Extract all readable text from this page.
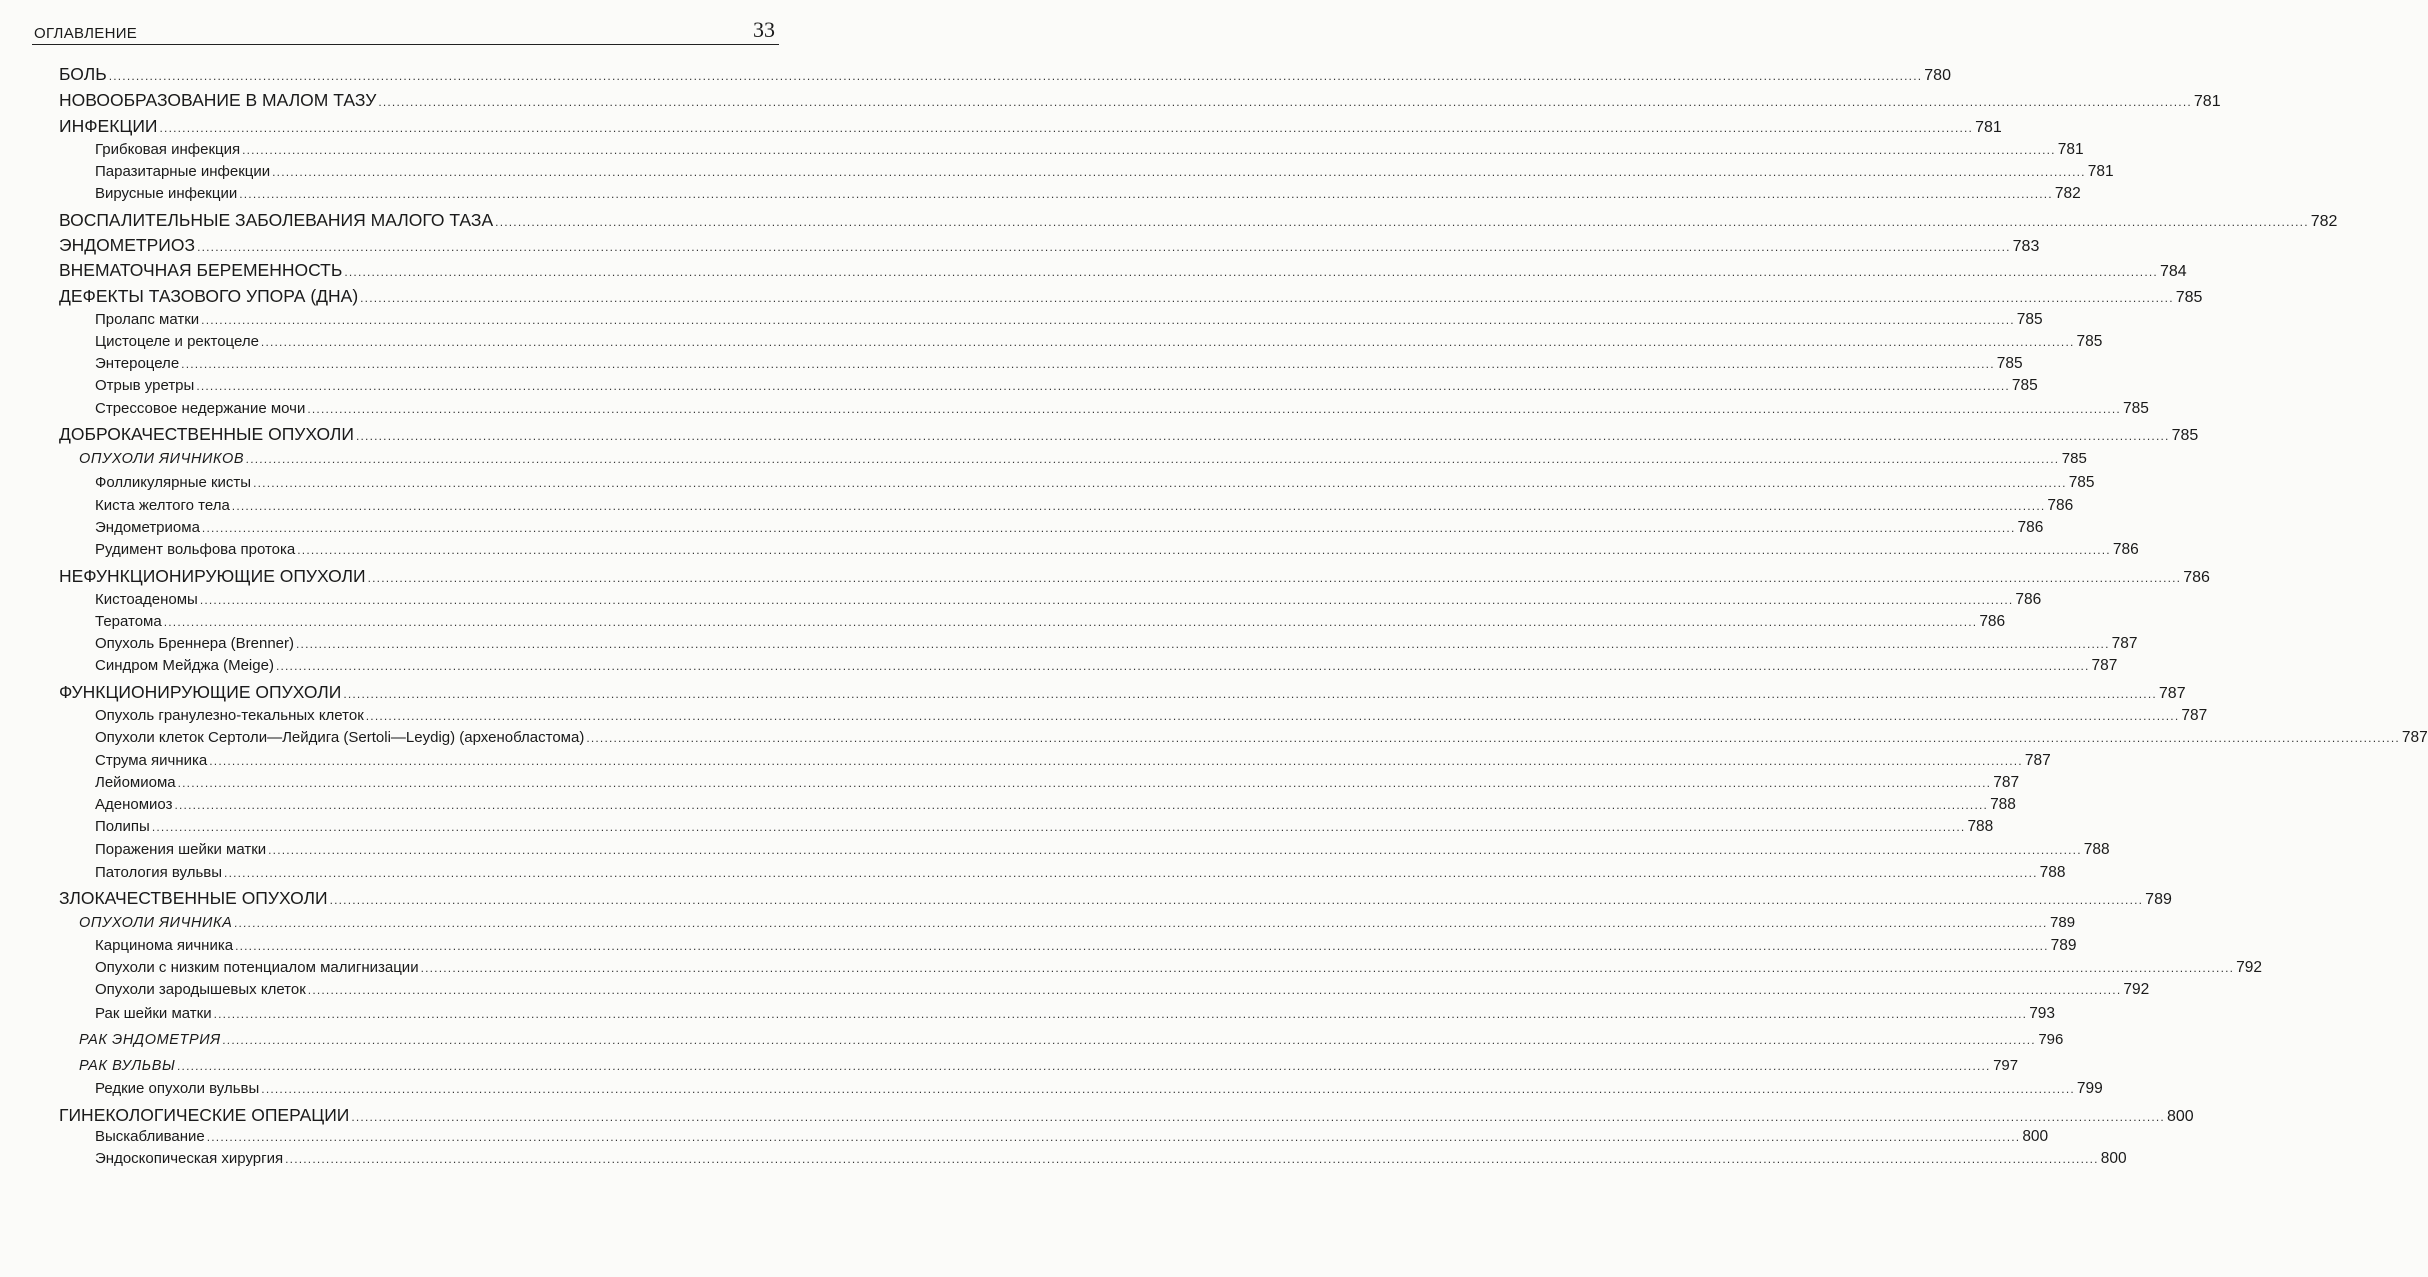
ОГЛАВЛЕНИЕ	33
БОЛЬ ................................................................................................................................................................................................................................................................................................................................................................................................................ 780
НОВООБРАЗОВАНИЕ В МАЛОМ ТАЗУ ................................................................................................................................................................................................................................................................................................................................................................................................................ 781
ИНФЕКЦИИ ................................................................................................................................................................................................................................................................................................................................................................................................................ 781
Грибковая инфекция ................................................................................................................................................................................................................................................................................................................................................................................................................ 781
Паразитарные инфекции ................................................................................................................................................................................................................................................................................................................................................................................................................ 781
Вирусные инфекции ................................................................................................................................................................................................................................................................................................................................................................................................................ 782
ВОСПАЛИТЕЛЬНЫЕ ЗАБОЛЕВАНИЯ МАЛОГО ТАЗА ................................................................................................................................................................................................................................................................................................................................................................................................................ 782
ЭНДОМЕТРИОЗ ................................................................................................................................................................................................................................................................................................................................................................................................................ 783
ВНЕМАТОЧНАЯ БЕРЕМЕННОСТЬ ................................................................................................................................................................................................................................................................................................................................................................................................................ 784
ДЕФЕКТЫ ТАЗОВОГО УПОРА (ДНА) ................................................................................................................................................................................................................................................................................................................................................................................................................ 785
Пролапс матки ................................................................................................................................................................................................................................................................................................................................................................................................................ 785
Цистоцеле и ректоцеле ................................................................................................................................................................................................................................................................................................................................................................................................................ 785
Энтероцеле ................................................................................................................................................................................................................................................................................................................................................................................................................ 785
Отрыв уретры ................................................................................................................................................................................................................................................................................................................................................................................................................ 785
Стрессовое недержание мочи ................................................................................................................................................................................................................................................................................................................................................................................................................ 785
ДОБРОКАЧЕСТВЕННЫЕ ОПУХОЛИ ................................................................................................................................................................................................................................................................................................................................................................................................................ 785
ОПУХОЛИ ЯИЧНИКОВ ................................................................................................................................................................................................................................................................................................................................................................................................................ 785
Фолликулярные кисты ................................................................................................................................................................................................................................................................................................................................................................................................................ 785
Киста желтого тела ................................................................................................................................................................................................................................................................................................................................................................................................................ 786
Эндометриома ................................................................................................................................................................................................................................................................................................................................................................................................................ 786
Рудимент вольфова протока ................................................................................................................................................................................................................................................................................................................................................................................................................ 786
НЕФУНКЦИОНИРУЮЩИЕ ОПУХОЛИ ................................................................................................................................................................................................................................................................................................................................................................................................................ 786
Кистоаденомы ................................................................................................................................................................................................................................................................................................................................................................................................................ 786
Тератома ................................................................................................................................................................................................................................................................................................................................................................................................................ 786
Опухоль Бреннера (Brenner) ................................................................................................................................................................................................................................................................................................................................................................................................................ 787
Синдром Мейджа (Meige) ................................................................................................................................................................................................................................................................................................................................................................................................................ 787
ФУНКЦИОНИРУЮЩИЕ ОПУХОЛИ ................................................................................................................................................................................................................................................................................................................................................................................................................ 787
Опухоль гранулезно-текальных клеток ................................................................................................................................................................................................................................................................................................................................................................................................................ 787
Опухоли клеток Сертоли—Лейдига (Sertoli—Leydig) (архенобластома) ................................................................................................................................................................................................................................................................................................................................................................................................................ 787
Струма яичника ................................................................................................................................................................................................................................................................................................................................................................................................................ 787
Лейомиома ................................................................................................................................................................................................................................................................................................................................................................................................................ 787
Аденомиоз ................................................................................................................................................................................................................................................................................................................................................................................................................ 788
Полипы ................................................................................................................................................................................................................................................................................................................................................................................................................ 788
Поражения шейки матки ................................................................................................................................................................................................................................................................................................................................................................................................................ 788
Патология вульвы ................................................................................................................................................................................................................................................................................................................................................................................................................ 788
ЗЛОКАЧЕСТВЕННЫЕ ОПУХОЛИ ................................................................................................................................................................................................................................................................................................................................................................................................................ 789
ОПУХОЛИ ЯИЧНИКА ................................................................................................................................................................................................................................................................................................................................................................................................................ 789
Карцинома яичника ................................................................................................................................................................................................................................................................................................................................................................................................................ 789
Опухоли с низким потенциалом малигнизации ................................................................................................................................................................................................................................................................................................................................................................................................................ 792
Опухоли зародышевых клеток ................................................................................................................................................................................................................................................................................................................................................................................................................ 792
Рак шейки матки ................................................................................................................................................................................................................................................................................................................................................................................................................ 793
РАК ЭНДОМЕТРИЯ ................................................................................................................................................................................................................................................................................................................................................................................................................ 796
РАК ВУЛЬВЫ ................................................................................................................................................................................................................................................................................................................................................................................................................ 797
Редкие опухоли вульвы ................................................................................................................................................................................................................................................................................................................................................................................................................ 799
ГИНЕКОЛОГИЧЕСКИЕ ОПЕРАЦИИ ................................................................................................................................................................................................................................................................................................................................................................................................................ 800
Выскабливание ................................................................................................................................................................................................................................................................................................................................................................................................................ 800
Эндоскопическая хирургия ................................................................................................................................................................................................................................................................................................................................................................................................................ 800
